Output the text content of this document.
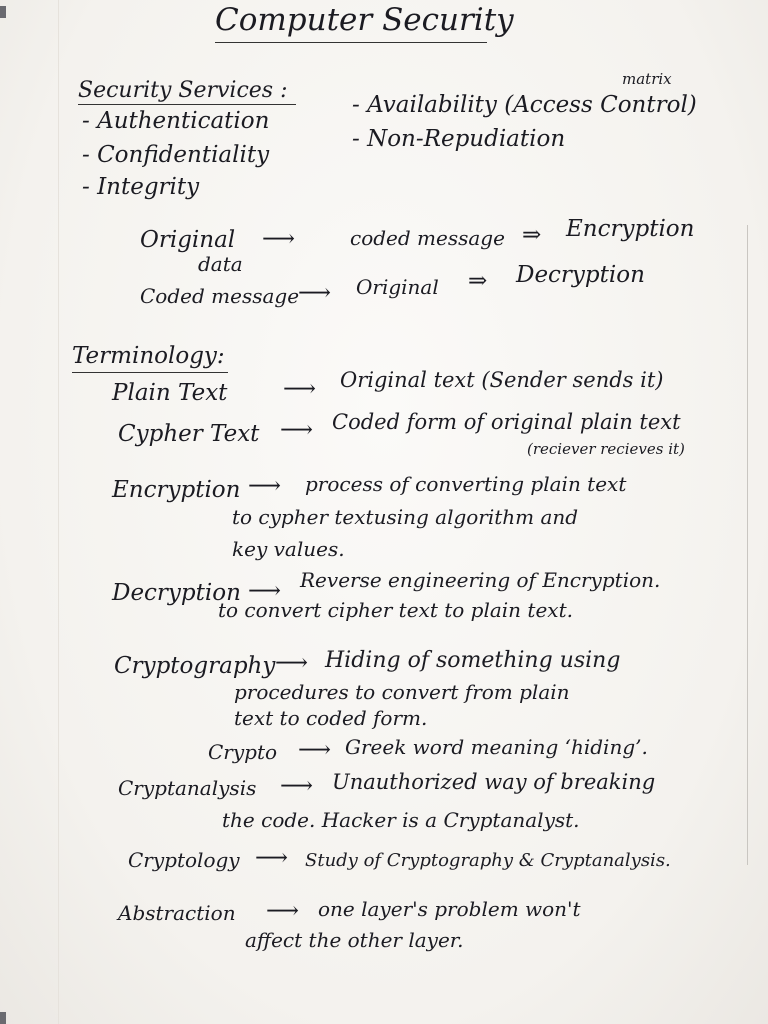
Computer Security
Security Services :
- Authentication
- Confidentiality
- Integrity
matrix
- Availability (Access Control)
- Non-Repudiation
Original
data
⟶	coded message ⇒ Encryption
Coded message
⟶ Original ⇒ Decryption
Terminology:
Plain Text ⟶ Original text (Sender sends it)
Cypher Text ⟶ Coded form of original plain text
(reciever recieves it)
Encryption ⟶ process of converting plain text
to cypher textusing algorithm and
key values.
Decryption ⟶ Reverse engineering of Encryption.
to convert cipher text to plain text.
Cryptography ⟶ Hiding of something using
procedures to convert from plain
text to coded form.
Crypto ⟶ Greek word meaning ‘hiding’.
Cryptanalysis ⟶ Unauthorized way of breaking
the code. Hacker is a Cryptanalyst.
Cryptology ⟶ Study of Cryptography & Cryptanalysis.
Abstraction ⟶ one layer's problem won't
affect the other layer.
